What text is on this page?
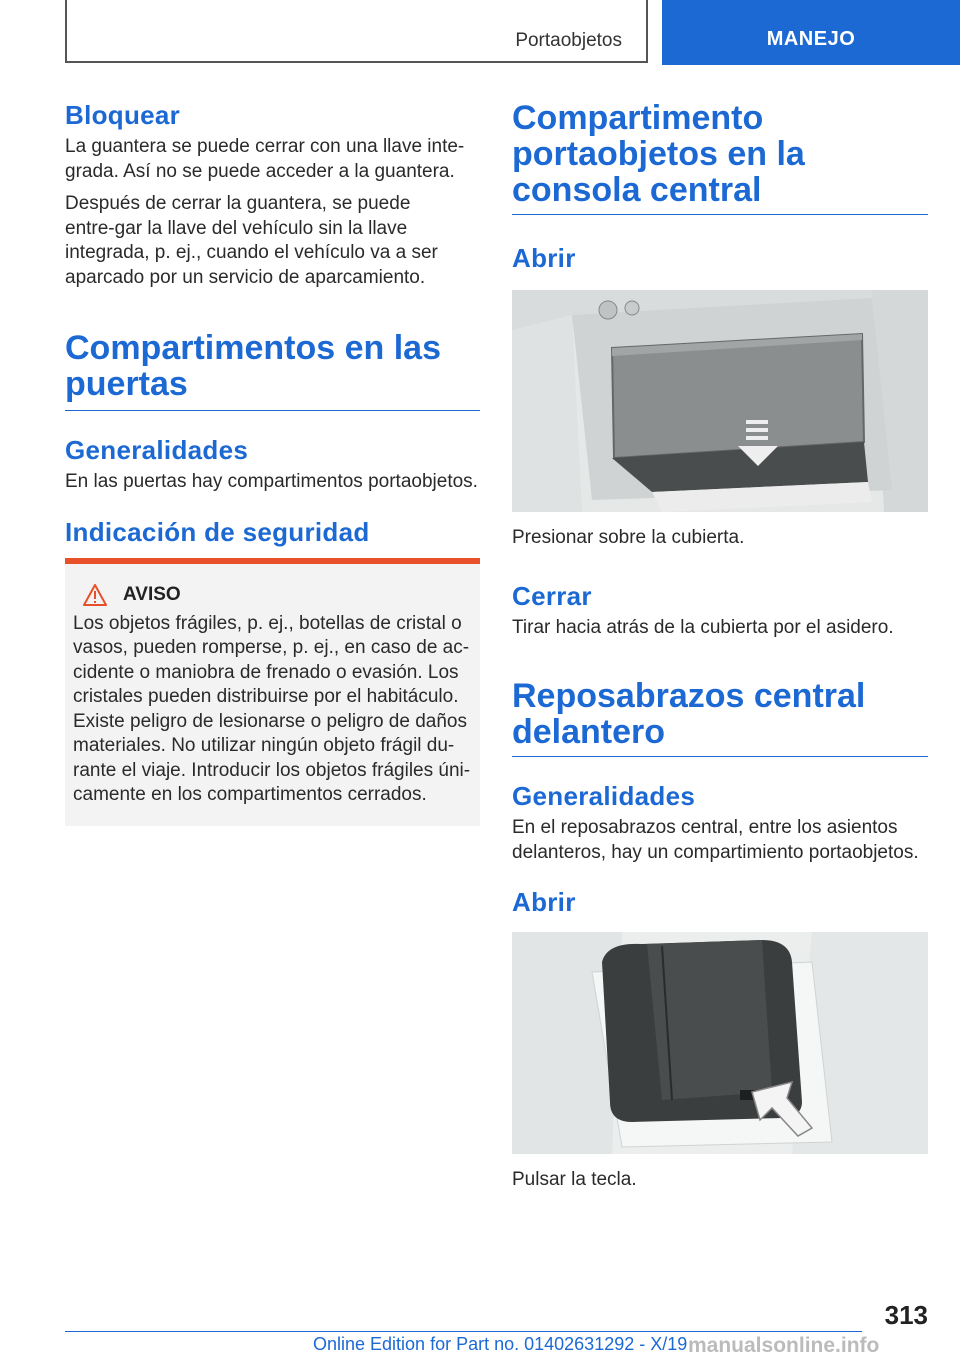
Portaobjetos	MANEJO
Bloquear

La guantera se puede cerrar con una llave inte-grada. Así no se puede acceder a la guantera.

Después de cerrar la guantera, se puede entre-gar la llave del vehículo sin la llave integrada, p. ej., cuando el vehículo va a ser aparcado por un servicio de aparcamiento.

Compartimentos en las puertas
Generalidades

En las puertas hay compartimentos portaobjetos.

Indicación de seguridad
AVISO

Los objetos frágiles, p. ej., botellas de cristal o vasos, pueden romperse, p. ej., en caso de ac-cidente o maniobra de frenado o evasión. Los cristales pueden distribuirse por el habitáculo. Existe peligro de lesionarse o peligro de daños materiales. No utilizar ningún objeto frágil du-rante el viaje. Introducir los objetos frágiles úni-camente en los compartimentos cerrados.

Compartimento portaobjetos en la consola central
Abrir

Presionar sobre la cubierta.

Cerrar

Tirar hacia atrás de la cubierta por el asidero.

Reposabrazos central delantero
Generalidades

En el reposabrazos central, entre los asientos delanteros, hay un compartimiento portaobjetos.

Abrir

Pulsar la tecla.

313
Online Edition for Part no. 01402631292 - X/19 manualsonline.info
